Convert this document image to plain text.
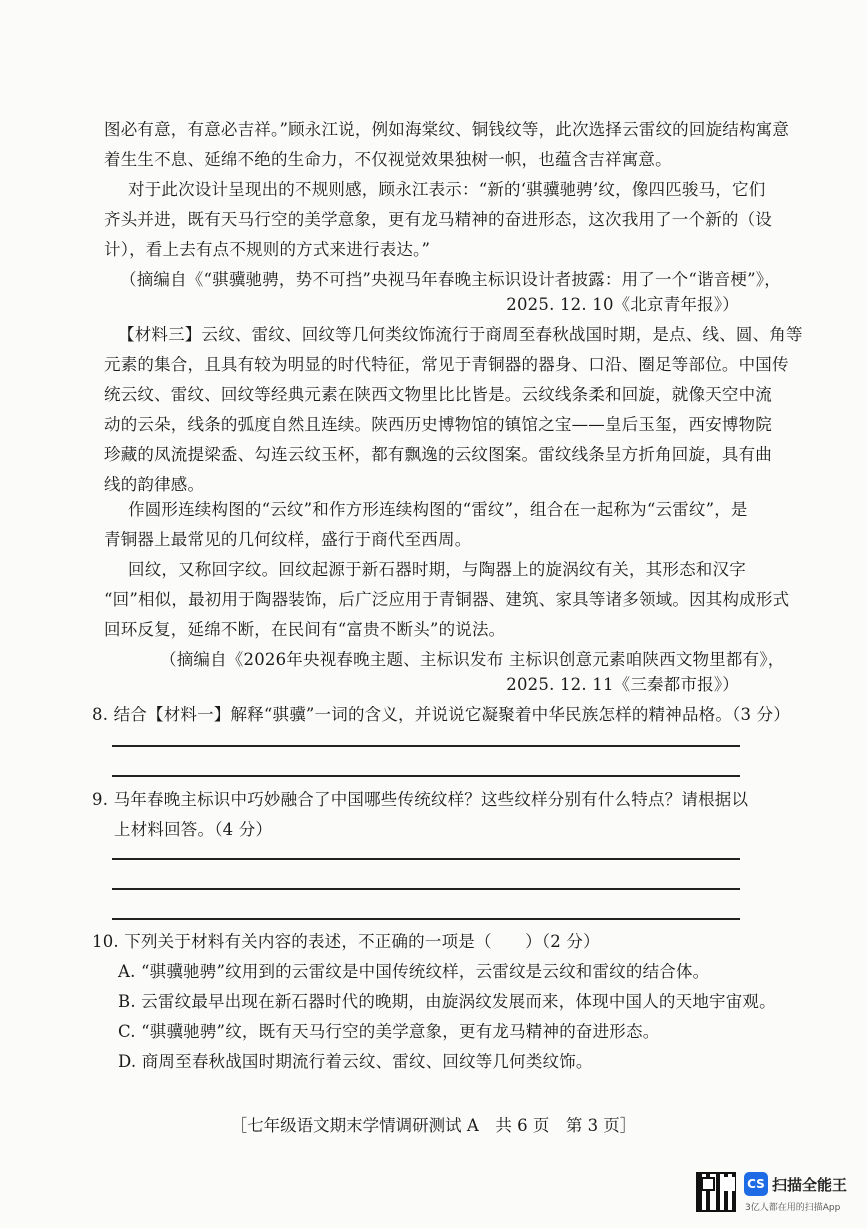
图必有意，有意必吉祥。”顾永江说，例如海棠纹、铜钱纹等，此次选择云雷纹的回旋结构寓意
着生生不息、延绵不绝的生命力，不仅视觉效果独树一帜，也蕴含吉祥寓意。
对于此次设计呈现出的不规则感，顾永江表示：“新的‘骐骥驰骋’纹，像四匹骏马，它们
齐头并进，既有天马行空的美学意象，更有龙马精神的奋进形态，这次我用了一个新的（设
计），看上去有点不规则的方式来进行表达。”
（摘编自《“骐骥驰骋，势不可挡”央视马年春晚主标识设计者披露：用了一个“谐音梗”》，
2025. 12. 10《北京青年报》）
【材料三】云纹、雷纹、回纹等几何类纹饰流行于商周至春秋战国时期，是点、线、圆、角等
元素的集合，且具有较为明显的时代特征，常见于青铜器的器身、口沿、圈足等部位。中国传
统云纹、雷纹、回纹等经典元素在陕西文物里比比皆是。云纹线条柔和回旋，就像天空中流
动的云朵，线条的弧度自然且连续。陕西历史博物馆的镇馆之宝——皇后玉玺，西安博物院
珍藏的凤流提梁盉、勾连云纹玉杯，都有飘逸的云纹图案。雷纹线条呈方折角回旋，具有曲
线的韵律感。
作圆形连续构图的“云纹”和作方形连续构图的“雷纹”，组合在一起称为“云雷纹”，是
青铜器上最常见的几何纹样，盛行于商代至西周。
回纹，又称回字纹。回纹起源于新石器时期，与陶器上的旋涡纹有关，其形态和汉字
“回”相似，最初用于陶器装饰，后广泛应用于青铜器、建筑、家具等诸多领域。因其构成形式
回环反复，延绵不断，在民间有“富贵不断头”的说法。
（摘编自《2026年央视春晚主题、主标识发布 主标识创意元素咱陕西文物里都有》，
2025. 12. 11《三秦都市报》）
8. 结合【材料一】解释“骐骥”一词的含义，并说说它凝聚着中华民族怎样的精神品格。（3 分）
9. 马年春晚主标识中巧妙融合了中国哪些传统纹样？这些纹样分别有什么特点？请根据以
上材料回答。（4 分）
10. 下列关于材料有关内容的表述，不正确的一项是（　　）（2 分）
A. “骐骥驰骋”纹用到的云雷纹是中国传统纹样，云雷纹是云纹和雷纹的结合体。
B. 云雷纹最早出现在新石器时代的晚期，由旋涡纹发展而来，体现中国人的天地宇宙观。
C. “骐骥驰骋”纹，既有天马行空的美学意象，更有龙马精神的奋进形态。
D. 商周至春秋战国时期流行着云纹、雷纹、回纹等几何类纹饰。
［七年级语文期末学情调研测试 A　共 6 页　第 3 页］
CS 扫描全能王
3亿人都在用的扫描App
